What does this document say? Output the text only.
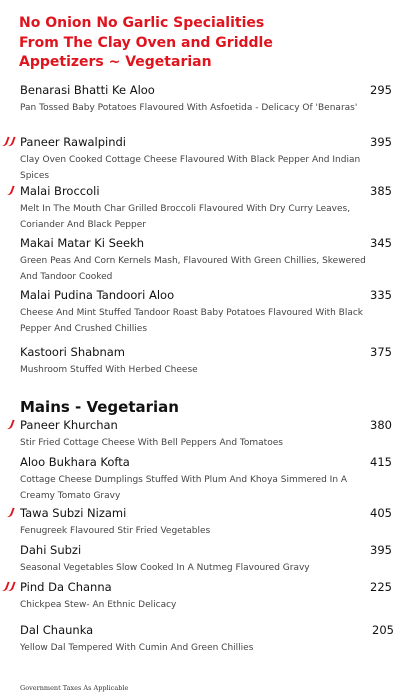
No Onion No Garlic Specialities
From The Clay Oven and Griddle
Appetizers ~ Vegetarian
Benarasi Bhatti Ke Aloo	295
Pan Tossed Baby Potatoes Flavoured With Asfoetida - Delicacy Of 'Benaras'
Paneer Rawalpindi	395
Clay Oven Cooked Cottage Cheese Flavoured With Black Pepper And Indian Spices
Malai Broccoli	385
Melt In The Mouth Char Grilled Broccoli Flavoured With Dry Curry Leaves, Coriander And Black Pepper
Makai Matar Ki Seekh	345
Green Peas And Corn Kernels Mash, Flavoured With Green Chillies, Skewered And Tandoor Cooked
Malai Pudina Tandoori Aloo	335
Cheese And Mint Stuffed Tandoor Roast Baby Potatoes Flavoured With Black Pepper And Crushed Chillies
Kastoori Shabnam	375
Mushroom Stuffed With Herbed Cheese
Mains - Vegetarian
Paneer Khurchan	380
Stir Fried Cottage Cheese With Bell Peppers And Tomatoes
Aloo Bukhara Kofta	415
Cottage Cheese Dumplings Stuffed With Plum And Khoya Simmered In A Creamy Tomato Gravy
Tawa Subzi Nizami	405
Fenugreek Flavoured Stir Fried Vegetables
Dahi Subzi	395
Seasonal Vegetables Slow Cooked In A Nutmeg Flavoured Gravy
Pind Da Channa	225
Chickpea Stew- An Ethnic Delicacy
Dal Chaunka	205
Yellow Dal Tempered With Cumin And Green Chillies
Government Taxes As Applicable
